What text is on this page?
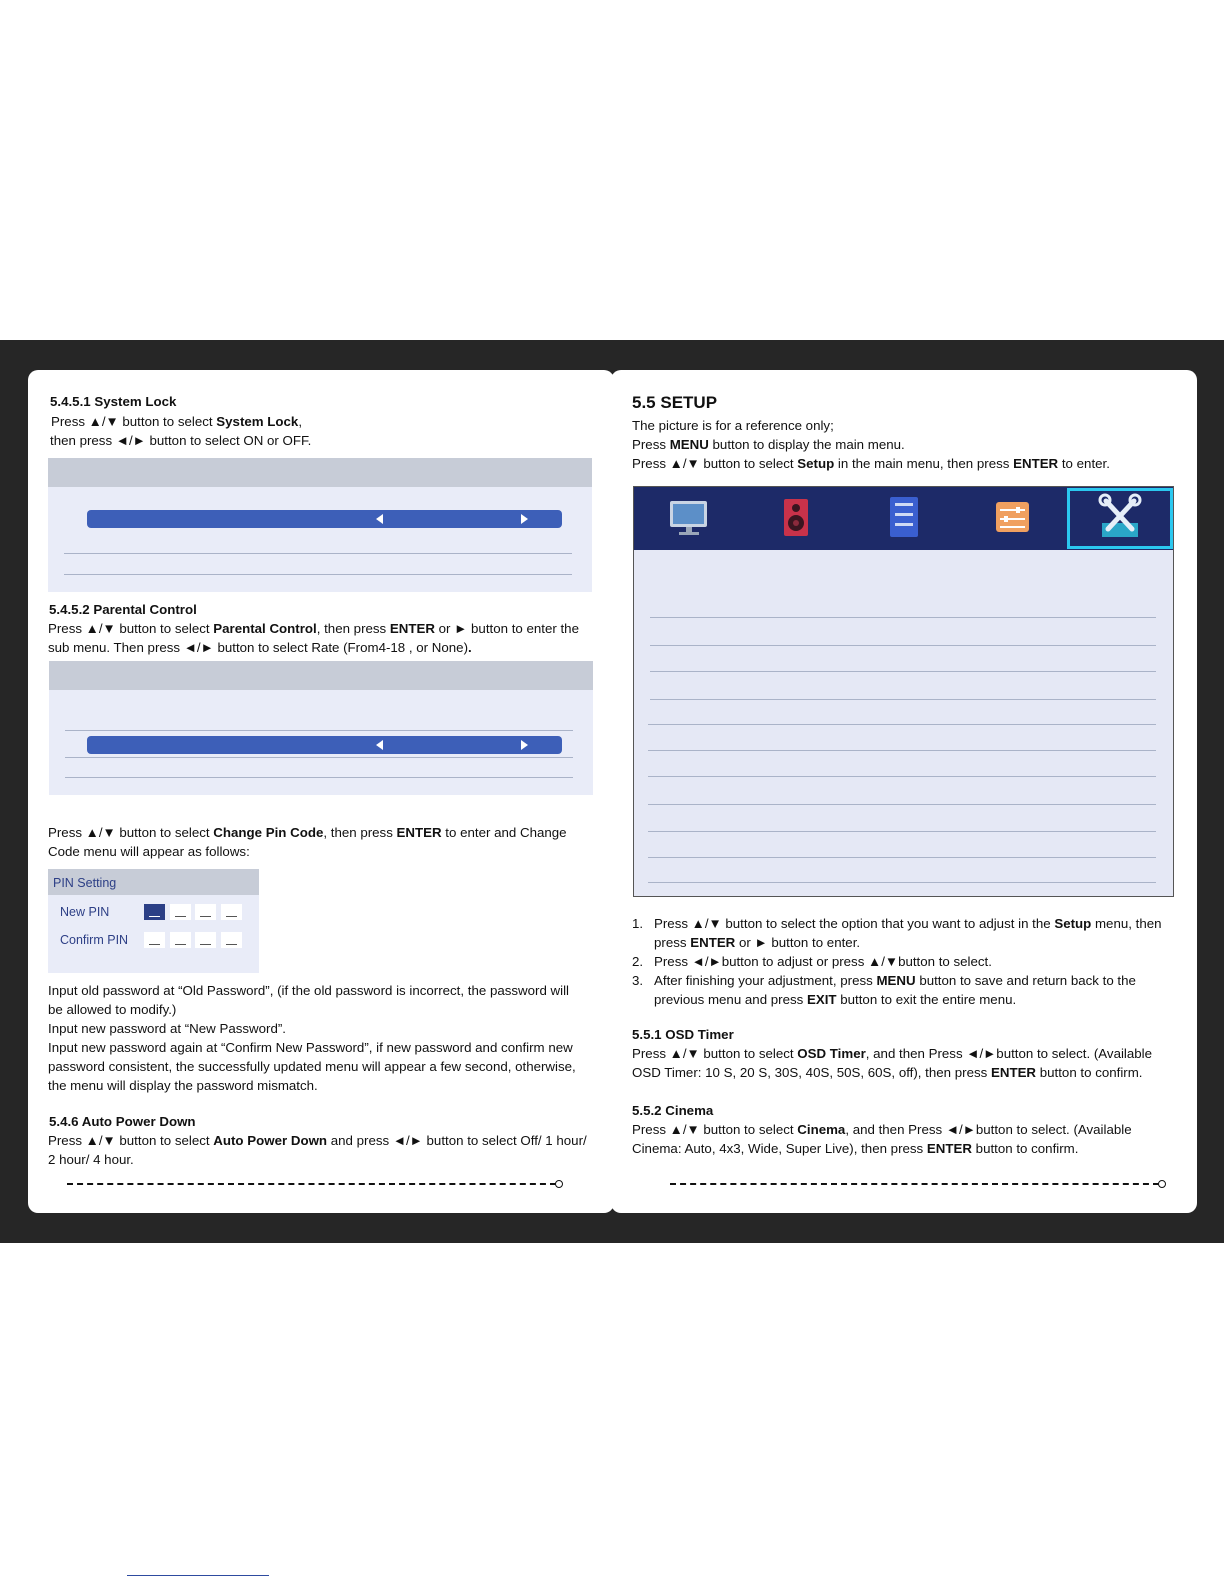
5.4.5.1 System Lock
Press ▲/▼ button to select System Lock,
then press ◄/► button to select ON or OFF.
5.4.5.2 Parental Control
Press ▲/▼ button to select Parental Control, then press ENTER or ► button to enter the
sub menu. Then press ◄/► button to select Rate (From4-18 , or None).
Press ▲/▼ button to select Change Pin Code, then press ENTER to enter and Change
Code menu will appear as follows:
PIN Setting
New PIN
Confirm PIN
Input old password at “Old Password”, (if the old password is incorrect, the password will
be allowed to modify.)
Input new password at “New Password”.
Input new password again at “Confirm New Password”, if new password and confirm new
password consistent, the successfully updated menu will appear a few second, otherwise,
the menu will display the password mismatch.
5.4.6 Auto Power Down
Press ▲/▼ button to select Auto Power Down and press ◄/► button to select Off/ 1 hour/
2 hour/ 4 hour.
5.5 SETUP
The picture is for a reference only;
Press MENU button to display the main menu.
Press ▲/▼ button to select Setup in the main menu, then press ENTER to enter.
1. Press ▲/▼ button to select the option that you want to adjust in the Setup menu, then
press ENTER or ► button to enter.
2. Press ◄/►button to adjust or press ▲/▼button to select.
3. After finishing your adjustment, press MENU button to save and return back to the
previous menu and press EXIT button to exit the entire menu.
5.5.1 OSD Timer
Press ▲/▼ button to select OSD Timer, and then Press ◄/►button to select. (Available
OSD Timer: 10 S, 20 S, 30S, 40S, 50S, 60S, off), then press ENTER button to confirm.
5.5.2 Cinema
Press ▲/▼ button to select Cinema, and then Press ◄/►button to select. (Available
Cinema: Auto, 4x3, Wide, Super Live), then press ENTER button to confirm.
